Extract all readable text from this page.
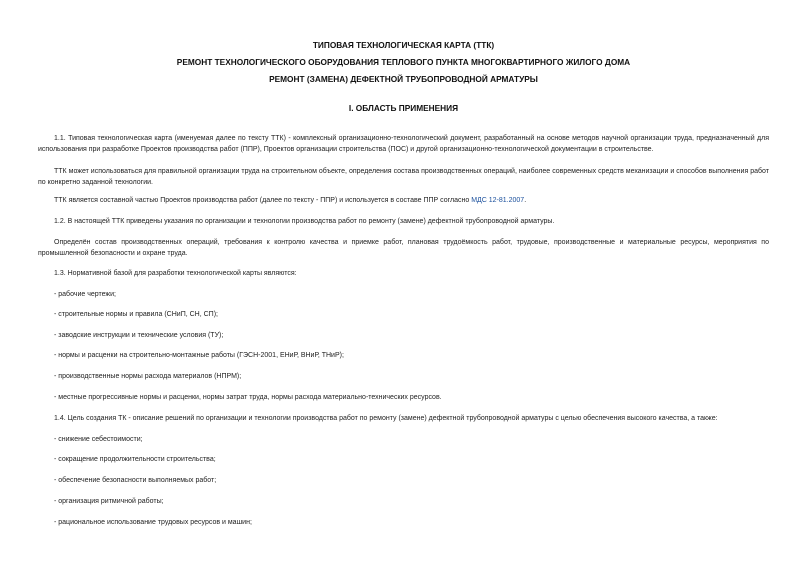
ТИПОВАЯ ТЕХНОЛОГИЧЕСКАЯ КАРТА (ТТК)
РЕМОНТ ТЕХНОЛОГИЧЕСКОГО ОБОРУДОВАНИЯ ТЕПЛОВОГО ПУНКТА МНОГОКВАРТИРНОГО ЖИЛОГО ДОМА
РЕМОНТ (ЗАМЕНА) ДЕФЕКТНОЙ ТРУБОПРОВОДНОЙ АРМАТУРЫ
I. ОБЛАСТЬ ПРИМЕНЕНИЯ
1.1. Типовая технологическая карта (именуемая далее по тексту ТТК) - комплексный организационно-технологический документ, разработанный на основе методов научной организации труда, предназначенный для использования при разработке Проектов производства работ (ППР), Проектов организации строительства (ПОС) и другой организационно-технологической документации в строительстве.
ТТК может использоваться для правильной организации труда на строительном объекте, определения состава производственных операций, наиболее современных средств механизации и способов выполнения работ по конкретно заданной технологии.
ТТК является составной частью Проектов производства работ (далее по тексту - ППР) и используется в составе ППР согласно МДС 12-81.2007.
1.2. В настоящей ТТК приведены указания по организации и технологии производства работ по ремонту (замене) дефектной трубопроводной арматуры.
Определён состав производственных операций, требования к контролю качества и приемке работ, плановая трудоёмкость работ, трудовые, производственные и материальные ресурсы, мероприятия по промышленной безопасности и охране труда.
1.3. Нормативной базой для разработки технологической карты являются:
- рабочие чертежи;
- строительные нормы и правила (СНиП, СН, СП);
- заводские инструкции и технические условия (ТУ);
- нормы и расценки на строительно-монтажные работы (ГЭСН-2001, ЕНиР, ВНиР, ТНиР);
- производственные нормы расхода материалов (НПРМ);
- местные прогрессивные нормы и расценки, нормы затрат труда, нормы расхода материально-технических ресурсов.
1.4. Цель создания ТК - описание решений по организации и технологии производства работ по ремонту (замене) дефектной трубопроводной арматуры с целью обеспечения высокого качества, а также:
- снижение себестоимости;
- сокращение продолжительности строительства;
- обеспечение безопасности выполняемых работ;
- организация ритмичной работы;
- рациональное использование трудовых ресурсов и машин;
